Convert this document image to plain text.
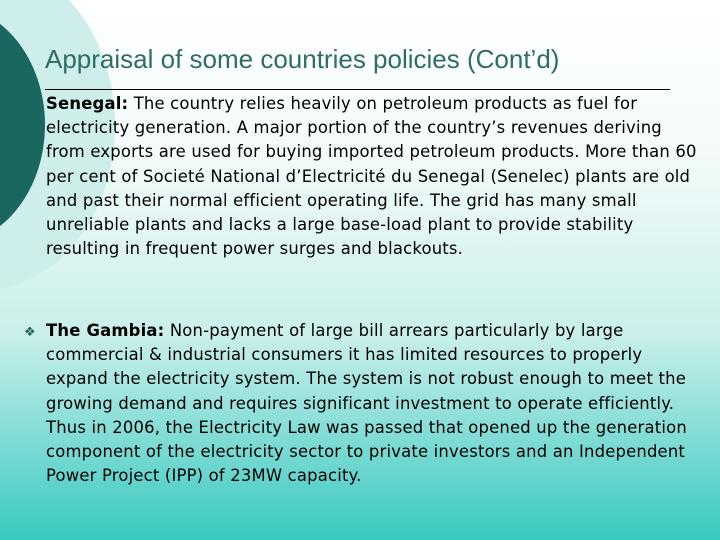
Appraisal of some countries policies (Cont’d)
Senegal: The country relies heavily on petroleum products as fuel for electricity generation. A major portion of the country’s revenues deriving from exports are used for buying imported petroleum products. More than 60 per cent of Societé National d’Electricité du Senegal (Senelec) plants are old and past their normal efficient operating life. The grid has many small unreliable plants and lacks a large base-load plant to provide stability resulting in frequent power surges and blackouts.
❖ The Gambia: Non-payment of large bill arrears particularly by large commercial & industrial consumers it has limited resources to properly expand the electricity system. The system is not robust enough to meet the growing demand and requires significant investment to operate efficiently. Thus in 2006, the Electricity Law was passed that opened up the generation component of the electricity sector to private investors and an Independent Power Project (IPP) of 23MW capacity.
